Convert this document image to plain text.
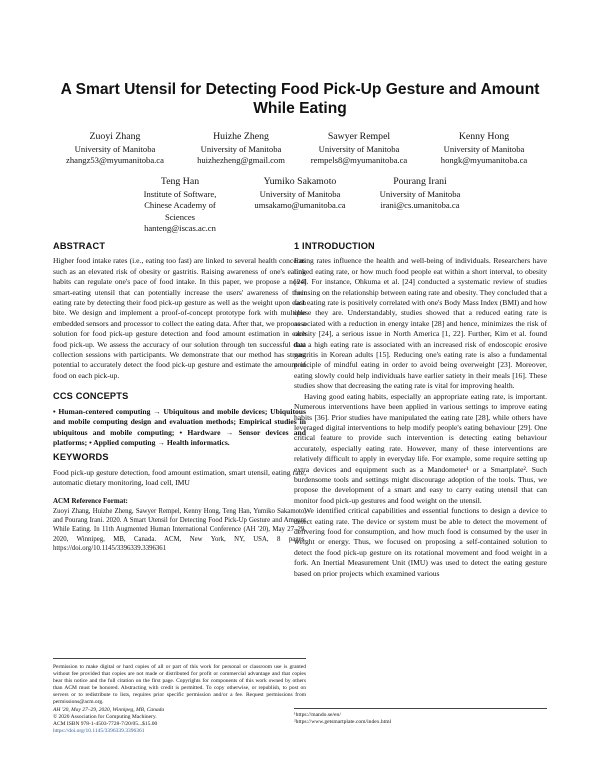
A Smart Utensil for Detecting Food Pick-Up Gesture and Amount While Eating
Zuoyi Zhang
University of Manitoba
zhangz53@myumanitoba.ca
Huizhe Zheng
University of Manitoba
huizhezheng@gmail.com
Sawyer Rempel
University of Manitoba
rempels8@myumanitoba.ca
Kenny Hong
University of Manitoba
hongk@myumanitoba.ca
Teng Han
Institute of Software,
Chinese Academy of
Sciences
hanteng@iscas.ac.cn
Yumiko Sakamoto
University of Manitoba
umsakamo@umanitoba.ca
Pourang Irani
University of Manitoba
irani@cs.umanitoba.ca
ABSTRACT

Higher food intake rates (i.e., eating too fast) are linked to several health concerns such as an elevated risk of obesity or gastritis. Raising awareness of one's eating habits can regulate one's pace of food intake. In this paper, we propose a novel smart-eating utensil that can potentially increase the users' awareness of their eating rate by detecting their food pick-up gesture as well as the weight upon each bite. We design and implement a proof-of-concept prototype fork with multiple embedded sensors and processor to collect the eating data. After that, we propose a solution for food pick-up gesture detection and food amount estimation in each food pick-up. We assess the accuracy of our solution through ten successful data collection sessions with participants. We demonstrate that our method has strong potential to accurately detect the food pick-up gesture and estimate the amount of food on each pick-up.

CCS CONCEPTS

• Human-centered computing → Ubiquitous and mobile devices; Ubiquitous and mobile computing design and evaluation methods; Empirical studies in ubiquitous and mobile computing; • Hardware → Sensor devices and platforms; • Applied computing → Health informatics.

KEYWORDS

Food pick-up gesture detection, food amount estimation, smart utensil, eating rate, automatic dietary monitoring, load cell, IMU

ACM Reference Format:

Zuoyi Zhang, Huizhe Zheng, Sawyer Rempel, Kenny Hong, Teng Han, Yumiko Sakamoto, and Pourang Irani. 2020. A Smart Utensil for Detecting Food Pick-Up Gesture and Amount While Eating. In 11th Augmented Human International Conference (AH '20), May 27–29, 2020, Winnipeg, MB, Canada. ACM, New York, NY, USA, 8 pages. https://doi.org/10.1145/3396339.3396361

Permission to make digital or hard copies of all or part of this work for personal or classroom use is granted without fee provided that copies are not made or distributed for profit or commercial advantage and that copies bear this notice and the full citation on the first page. Copyrights for components of this work owned by others than ACM must be honored. Abstracting with credit is permitted. To copy otherwise, or republish, to post on servers or to redistribute to lists, requires prior specific permission and/or a fee. Request permissions from permissions@acm.org.
AH '20, May 27–29, 2020, Winnipeg, MB, Canada
© 2020 Association for Computing Machinery.
ACM ISBN 978-1-4503-7728-7/20/05...$15.00
https://doi.org/10.1145/3396339.3396361
1 INTRODUCTION

Eating rates influence the health and well-being of individuals. Researchers have linked eating rate, or how much food people eat within a short interval, to obesity [24]. For instance, Ohkuma et al. [24] conducted a systematic review of studies focusing on the relationship between eating rate and obesity. They concluded that a fast eating rate is positively correlated with one's Body Mass Index (BMI) and how obese they are. Understandably, studies showed that a reduced eating rate is associated with a reduction in energy intake [28] and hence, minimizes the risk of obesity [24], a serious issue in North America [1, 22]. Further, Kim et al. found that a high eating rate is associated with an increased risk of endoscopic erosive gastritis in Korean adults [15]. Reducing one's eating rate is also a fundamental principle of mindful eating in order to avoid being overweight [23]. Moreover, eating slowly could help individuals have earlier satiety in their meals [16]. These studies show that decreasing the eating rate is vital for improving health.

Having good eating habits, especially an appropriate eating rate, is important. Numerous interventions have been applied in various settings to improve eating habits [36]. Prior studies have manipulated the eating rate [28], while others have leveraged digital interventions to help modify people's eating behaviour [29]. One critical feature to provide such intervention is detecting eating behaviour accurately, especially eating rate. However, many of these interventions are relatively difficult to apply in everyday life. For example, some require setting up extra devices and equipment such as a Mandometer¹ or a Smartplate². Such burdensome tools and settings might discourage adoption of the tools. Thus, we propose the development of a smart and easy to carry eating utensil that can monitor food pick-up gestures and food weight on the utensil.

We identified critical capabilities and essential functions to design a device to detect eating rate. The device or system must be able to detect the movement of delivering food for consumption, and how much food is consumed by the user in weight or energy. Thus, we focused on proposing a self-contained solution to detect the food pick-up gesture on its rotational movement and food weight in a fork. An Inertial Measurement Unit (IMU) was used to detect the eating gesture based on prior projects which examined various

¹https://mando.se/en/
²https://www.getsmartplate.com/index.html
